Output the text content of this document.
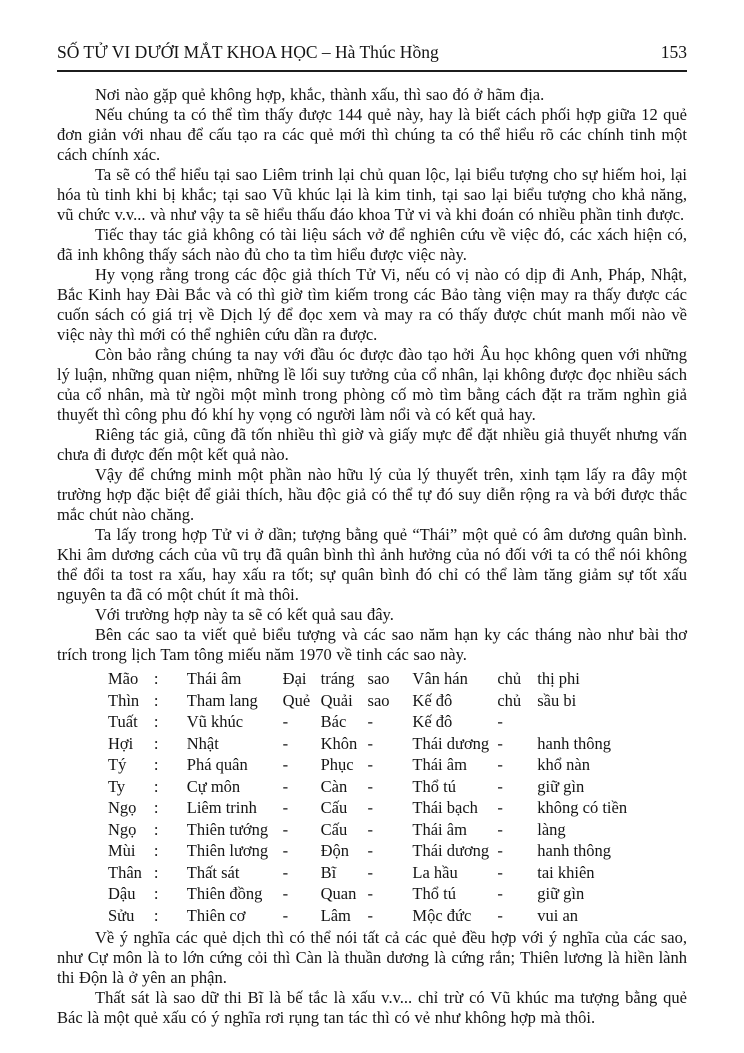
SỐ TỬ VI DƯỚI MẮT KHOA HỌC – Hà Thúc Hồng	153

Nơi nào gặp quẻ không hợp, khắc, thành xấu, thì sao đó ở hãm địa.

Nếu chúng ta có thể tìm thấy được 144 quẻ này, hay là biết cách phối hợp giữa 12 quẻ đơn giản với nhau để cấu tạo ra các quẻ mới thì chúng ta có thể hiểu rõ các chính tinh một cách chính xác.

Ta sẽ có thể hiểu tại sao Liêm trinh lại chủ quan lộc, lại biểu tượng cho sự hiếm hoi, lại hóa tù tinh khi bị khắc; tại sao Vũ khúc lại là kim tinh, tại sao lại biểu tượng cho khả năng, vũ chức v.v... và như vậy ta sẽ hiểu thấu đáo khoa Tử vi và khi đoán có nhiều phần tinh được.

Tiếc thay tác giả không có tài liệu sách vở để nghiên cứu về việc đó, các xách hiện có, đã inh không thấy sách nào đủ cho ta tìm hiểu được việc này.

Hy vọng rằng trong các độc giả thích Tử Vi, nếu có vị nào có dịp đi Anh, Pháp, Nhật, Bắc Kinh hay Đài Bắc và có thì giờ tìm kiếm trong các Bảo tàng viện may ra thấy được các cuốn sách có giá trị về Dịch lý để đọc xem và may ra có thấy được chút manh mối nào về việc này thì mới có thể nghiên cứu dần ra được.

Còn bảo rằng chúng ta nay với đầu óc được đào tạo hởi Âu học không quen với những lý luận, những quan niệm, những lề lối suy tưởng của cổ nhân, lại không được đọc nhiều sách của cổ nhân, mà từ ngồi một mình trong phòng cố mò tìm bằng cách đặt ra trăm nghìn giả thuyết thì công phu đó khí hy vọng có người làm nổi và có kết quả hay.

Riêng tác giả, cũng đã tốn nhiều thì giờ và giấy mực để đặt nhiều giả thuyết nhưng vấn chưa đi được đến một kết quả nào.

Vậy để chứng minh một phần nào hữu lý của lý thuyết trên, xinh tạm lấy ra đây một trường hợp đặc biệt để giải thích, hầu độc giả có thể tự đó suy diễn rộng ra và bới được thắc mắc chút nào chăng.

Ta lấy trong hợp Tử vi ở dần; tượng bằng quẻ “Thái” một quẻ có âm dương quân bình. Khi âm dương cách của vũ trụ đã quân bình thì ảnh hưởng của nó đối với ta có thể nói không thể đổi ta tost ra xấu, hay xấu ra tốt; sự quân bình đó chỉ có thể làm tăng giảm sự tốt xấu nguyên ta đã có một chút ít mà thôi.

Với trường hợp này ta sẽ có kết quả sau đây.

Bên các sao ta viết quẻ biểu tượng và các sao năm hạn ky các tháng nào như bài thơ trích trong lịch Tam tông miếu năm 1970 về tinh các sao này.

Mão	:	Thái âm	Đại	tráng	sao	Vân hán	chủ	thị phi
Thìn	:	Tham lang	Quẻ	Quải	sao	Kế đô	chủ	sầu bi
Tuất	:	Vũ khúc	-	Bác	-	Kế đô	-	
Hợi	:	Nhật	-	Khôn	-	Thái dương	-	hanh thông
Tý	:	Phá quân	-	Phục	-	Thái âm	-	khổ nàn
Ty	:	Cự môn	-	Càn	-	Thổ tú	-	giữ gìn
Ngọ	:	Liêm trinh	-	Cấu	-	Thái bạch	-	không có tiền
Ngọ	:	Thiên tướng	-	Cấu	-	Thái âm	-	làng
Mùi	:	Thiên lương	-	Độn	-	Thái dương	-	hanh thông
Thân	:	Thất sát	-	Bĩ	-	La hầu	-	tai khiên
Dậu	:	Thiên đồng	-	Quan	-	Thổ tú	-	giữ gìn
Sửu	:	Thiên cơ	-	Lâm	-	Mộc đức	-	vui an

Về ý nghĩa các quẻ dịch thì có thể nói tất cả các quẻ đều hợp với ý nghĩa của các sao, như Cự môn là to lớn cứng cỏi thì Càn là thuần dương là cứng rắn; Thiên lương là hiền lành thi Độn là ở yên an phận.

Thất sát là sao dữ thi Bĩ là bế tắc là xấu v.v... chỉ trừ có Vũ khúc ma tượng bằng quẻ Bác là một quẻ xấu có ý nghĩa rơi rụng tan tác thì có vẻ như không hợp mà thôi.
